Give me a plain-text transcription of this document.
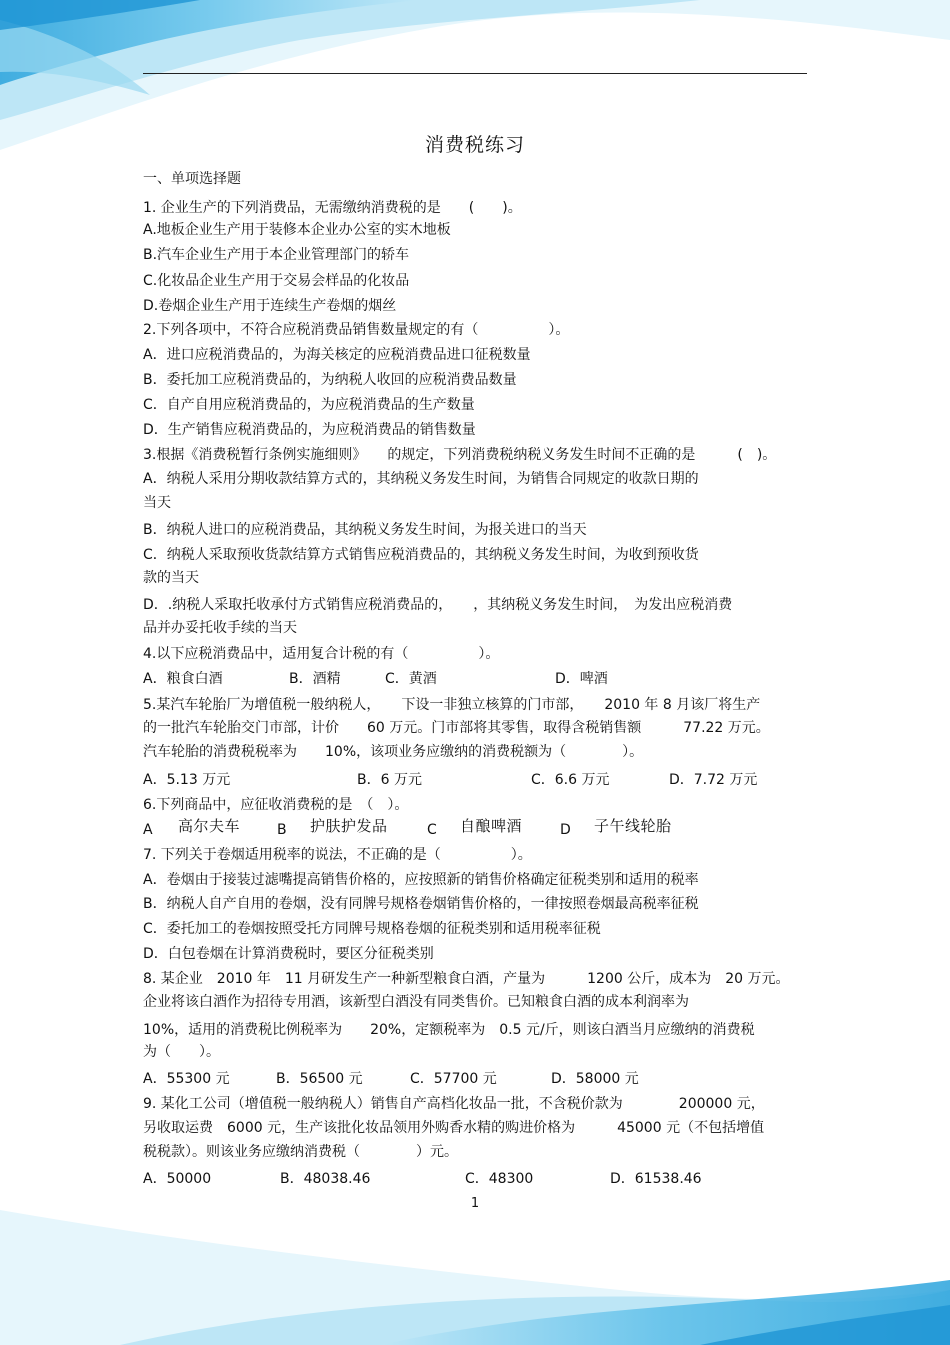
消费税练习
一、单项选择题
1. 企业生产的下列消费品，无需缴纳消费税的是　　(　　)。
A.地板企业生产用于装修本企业办公室的实木地板
B.汽车企业生产用于本企业管理部门的轿车
C.化妆品企业生产用于交易会样品的化妆品
D.卷烟企业生产用于连续生产卷烟的烟丝
2.下列各项中，不符合应税消费品销售数量规定的有（　　　　　）。
A．进口应税消费品的，为海关核定的应税消费品进口征税数量
B．委托加工应税消费品的，为纳税人收回的应税消费品数量
C．自产自用应税消费品的，为应税消费品的生产数量
D．生产销售应税消费品的，为应税消费品的销售数量
3.根据《消费税暂行条例实施细则》　　的规定，下列消费税纳税义务发生时间不正确的是　　　(　)。
A．纳税人采用分期收款结算方式的，其纳税义务发生时间，为销售合同规定的收款日期的
当天
B．纳税人进口的应税消费品，其纳税义务发生时间，为报关进口的当天
C．纳税人采取预收货款结算方式销售应税消费品的，其纳税义务发生时间，为收到预收货
款的当天
D．.纳税人采取托收承付方式销售应税消费品的，　　，其纳税义务发生时间，　为发出应税消费
品并办妥托收手续的当天
4.以下应税消费品中，适用复合计税的有（　　　　　）。
A．粮食白酒	B．酒精	C．黄酒	D．啤酒
5.某汽车轮胎厂为增值税一般纳税人，　　下设一非独立核算的门市部，　　2010 年 8 月该厂将生产
的一批汽车轮胎交门市部，计价　　60 万元。门市部将其零售，取得含税销售额　　　77.22 万元。
汽车轮胎的消费税税率为　　10%，该项业务应缴纳的消费税额为（　　　　）。
A．5.13 万元	B．6 万元	C．6.6 万元	D．7.72 万元
6.下列商品中，应征收消费税的是　（　）。
A 高尔夫车	B 护肤护发品	C 自酿啤酒	D 子午线轮胎
7. 下列关于卷烟适用税率的说法，不正确的是（　　　　　）。
A．卷烟由于接装过滤嘴提高销售价格的，应按照新的销售价格确定征税类别和适用的税率
B．纳税人自产自用的卷烟，没有同牌号规格卷烟销售价格的，一律按照卷烟最高税率征税
C．委托加工的卷烟按照受托方同牌号规格卷烟的征税类别和适用税率征税
D．白包卷烟在计算消费税时，要区分征税类别
8. 某企业　2010 年　11 月研发生产一种新型粮食白酒，产量为　　　1200 公斤，成本为　20 万元。
企业将该白酒作为招待专用酒，该新型白酒没有同类售价。已知粮食白酒的成本利润率为
10%，适用的消费税比例税率为　　20%，定额税率为　0.5 元/斤，则该白酒当月应缴纳的消费税
为（　　）。
A．55300 元	B．56500 元	C．57700 元	D．58000 元
9. 某化工公司（增值税一般纳税人）销售自产高档化妆品一批，不含税价款为　　　　200000 元，
另收取运费　6000 元，生产该批化妆品领用外购香水精的购进价格为　　　45000 元（不包括增值
税税款）。则该业务应缴纳消费税（　　　　）元。
A．50000	B．48038.46	C．48300	D．61538.46
1
